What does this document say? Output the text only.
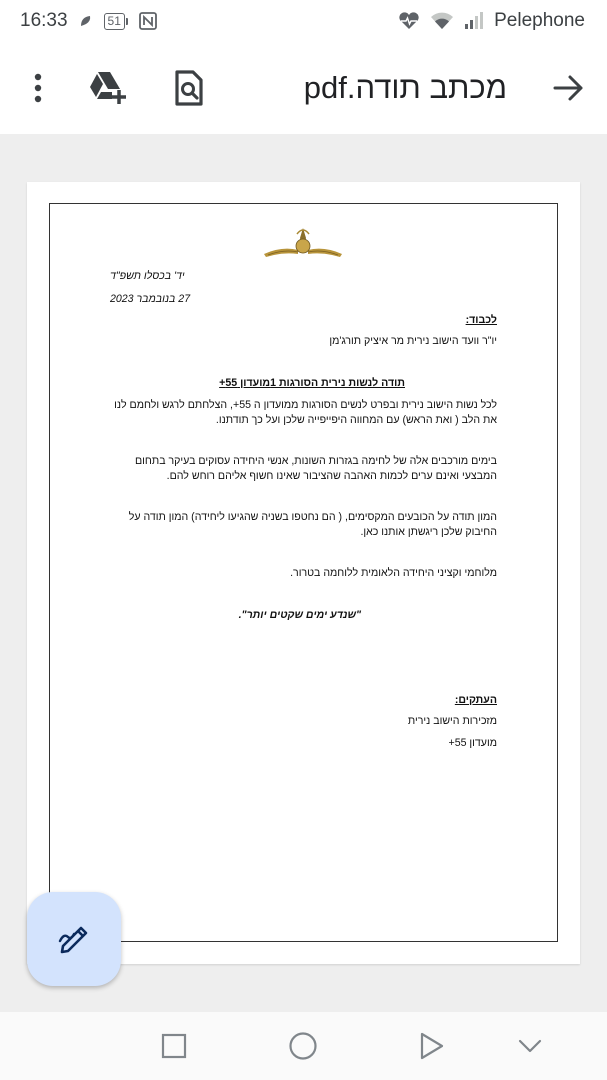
16:33	51	Pelephone
מכתב תודה.pdf
יד' בכסלו תשפ"ד
27 בנובמבר 2023
לכבוד:
יו"ר וועד הישוב נירית מר איציק תורג'מן
תודה לנשות נירית הסורגות 1מועדון 55+
לכל נשות הישוב נירית ובפרט לנשים הסורגות ממועדון ה 55+, הצלחתם לרגש ולחמם לנו
את הלב ( ואת הראש) עם המחווה היפייפייה שלכן ועל כך תודתנו.
בימים מורכבים אלה של לחימה בגזרות השונות, אנשי היחידה עסוקים בעיקר בתחום
המבצעי ואינם ערים לכמות האהבה שהציבור שאינו חשוף אליהם רוחש להם.
המון תודה על הכובעים המקסימים, ( הם נחטפו בשניה שהגיעו ליחידה) המון תודה על
החיבוק שלכן ריגשתן אותנו כאן.
מלוחמי וקציני היחידה הלאומית ללוחמה בטרור.
"שנדע ימים שקטים יותר".
העתקים:
מזכירות הישוב נירית
מועדון 55+
